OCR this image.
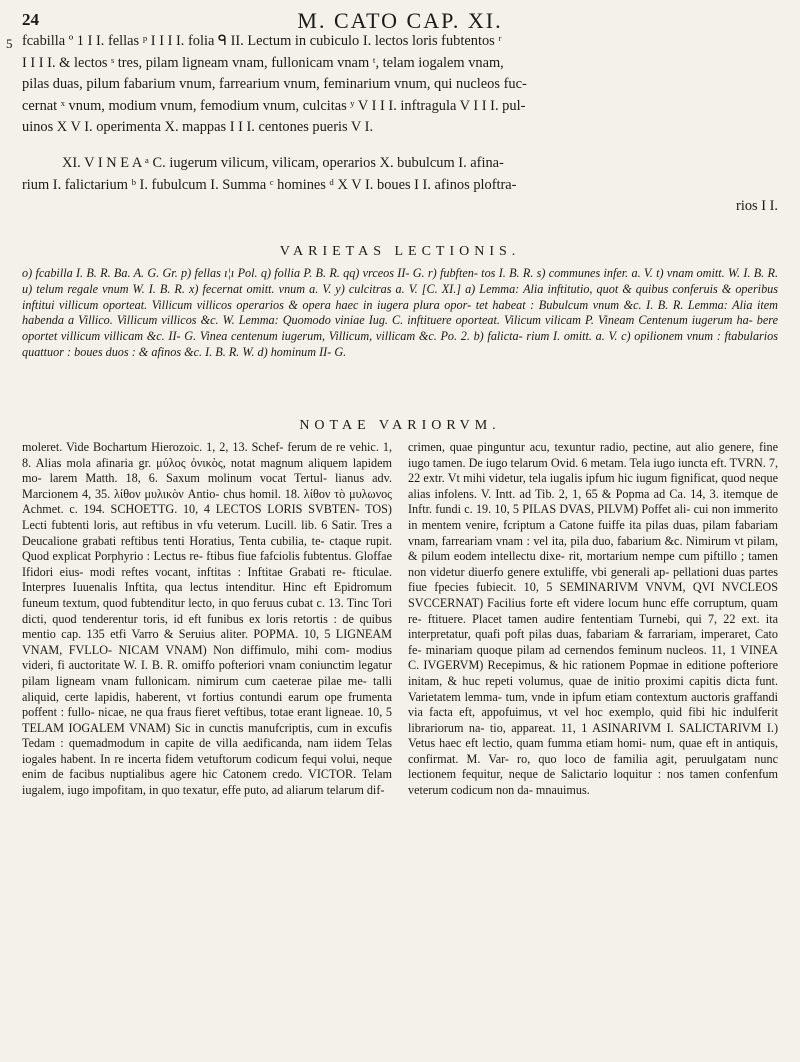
24	M. CATO CAP. XI.
5 fcabilla º 1 I I. fellas ᵖ I I I I. folia ᑫ II. Lectum in cubiculo I. lectos loris fubtentos ʳ

I I I I. & lectos ˢ tres, pilam ligneam vnam, fullonicam vnam ᵗ, telam iogalem vnam,

pilas duas, pilum fabarium vnum, farrearium vnum, feminarium vnum, qui nucleos fuc-

cernat ˣ vnum, modium vnum, femodium vnum, culcitas ʸ V I I I. inftragula V I I I. pul-

uinos X V I. operimenta X. mappas I I I. centones pueris V I.

XI. V I N E A ᵃ C. iugerum vilicum, vilicam, operarios X. bubulcum I. afina-

rium I. falictarium ᵇ I. fubulcum I. Summa ᶜ homines ᵈ X V I. boues I I. afinos ploftra-

rios I I.

VARIETAS LECTIONIS.

o) fcabilla I. B. R. Ba. A. G. Gr. p) fellas ı¦ı Pol. q) follia P. B. R. qq) vrceos II- G. r) fubften- tos I. B. R. s) communes infer. a. V. t) vnam omitt. W. I. B. R. u) telum regale vnum W. I. B. R. x) fecernat omitt. vnum a. V. y) culcitras a. V. [C. XI.] a) Lemma: Alia inftitutio, quot & quibus conferuis & operibus inftitui villicum oporteat. Villicum villicos operarios & opera haec in iugera plura opor- tet habeat : Bubulcum vnum &c. I. B. R. Lemma: Alia item habenda a Villico. Villicum villicos &c. W. Lemma: Quomodo viniae Iug. C. inftituere oporteat. Vilicum vilicam P. Vineam Centenum iugerum ha- bere oportet villicum villicam &c. II- G. Vinea centenum iugerum, Villicum, villicam &c. Po. 2. b) falicta- rium I. omitt. a. V. c) opilionem vnum : ftabularios quattuor : boues duos : & afinos &c. I. B. R. W. d) hominum II- G.

NOTAE VARIORVM.

moleret. Vide Bochartum Hierozoic. 1, 2, 13. Schef- ferum de re vehic. 1, 8. Alias mola afinaria gr. μύλος ὀνικὸς, notat magnum aliquem lapidem mo- larem Matth. 18, 6. Saxum molinum vocat Tertul- lianus adv. Marcionem 4, 35. λίθον μυλικὸν Antio- chus homil. 18. λίθον τὸ μυλωνος Achmet. c. 194. SCHOETTG. 10, 4 LECTOS LORIS SVBTEN- TOS) Lecti fubtenti loris, aut reftibus in vfu veterum. Lucill. lib. 6 Satir. Tres a Deucalione grabati reftibus tenti Horatius, Tenta cubilia, te- ctaque rupit. Quod explicat Porphyrio : Lectus re- ftibus fiue fafciolis fubtentus. Gloffae Ifidori eius- modi reftes vocant, inftitas : Inftitae Grabati re- fticulae. Interpres Iuuenalis Inftita, qua lectus intenditur. Hinc eft Epidromum funeum textum, quod fubtenditur lecto, in quo feruus cubat c. 13. Tinc Tori dicti, quod tenderentur toris, id eft funibus ex loris retortis : de quibus mentio cap. 135 etfi Varro & Seruius aliter. POPMA. 10, 5 LIGNEAM VNAM, FVLLO- NICAM VNAM) Non diffimulo, mihi com- modius videri, fi auctoritate W. I. B. R. omiffo pofteriori vnam coniunctim legatur pilam ligneam vnam fullonicam. nimirum cum caeterae pilae me- talli aliquid, certe lapidis, haberent, vt fortius contundi earum ope frumenta poffent : fullo- nicae, ne qua fraus fieret veftibus, totae erant ligneae. 10, 5 TELAM IOGALEM VNAM) Sic in cunctis manufcriptis, cum in excufis Tedam : quemadmodum in capite de villa aedificanda, nam iidem Telas iogales habent. In re incerta fidem vetuftorum codicum fequi volui, neque enim de facibus nuptialibus agere hic Catonem credo. VICTOR. Telam iugalem, iugo impofitam, in quo texatur, effe puto, ad aliarum telarum dif-

crimen, quae pinguntur acu, texuntur radio, pectine, aut alio genere, fine iugo tamen. De iugo telarum Ovid. 6 metam. Tela iugo iuncta eft. TVRN. 7, 22 extr. Vt mihi videtur, tela iugalis ipfum hic iugum fignificat, quod neque alias infolens. V. Intt. ad Tib. 2, 1, 65 & Popma ad Ca. 14, 3. itemque de Inftr. fundi c. 19. 10, 5 PILAS DVAS, PILVM) Poffet ali- cui non immerito in mentem venire, fcriptum a Catone fuiffe ita pilas duas, pilam fabariam vnam, farreariam vnam : vel ita, pila duo, fabarium &c. Nimirum vt pilam, & pilum eodem intellectu dixe- rit, mortarium nempe cum piftillo ; tamen non videtur diuerfo genere extuliffe, vbi generali ap- pellationi duas partes fiue fpecies fubiecit. 10, 5 SEMINARIVM VNVM, QVI NVCLEOS SVCCERNAT) Facilius forte eft videre locum hunc effe corruptum, quam re- ftituere. Placet tamen audire fententiam Turnebi, qui 7, 22 ext. ita interpretatur, quafi poft pilas duas, fabariam & farrariam, imperaret, Cato fe- minariam quoque pilam ad cernendos feminum nucleos. 11, 1 VINEA C. IVGERVM) Recepimus, & hic rationem Popmae in editione pofteriore initam, & huc repeti volumus, quae de initio proximi capitis dicta funt. Varietatem lemma- tum, vnde in ipfum etiam contextum auctoris graffandi via facta eft, appofuimus, vt vel hoc exemplo, quid fibi hic indulferit librariorum na- tio, appareat. 11, 1 ASINARIVM I. SALICTARIVM I.) Vetus haec eft lectio, quam fumma etiam homi- num, quae eft in antiquis, confirmat. M. Var- ro, quo loco de familia agit, peruulgatam nunc lectionem fequitur, neque de Salictario loquitur : nos tamen confenfum veterum codicum non da- mnauimus.
